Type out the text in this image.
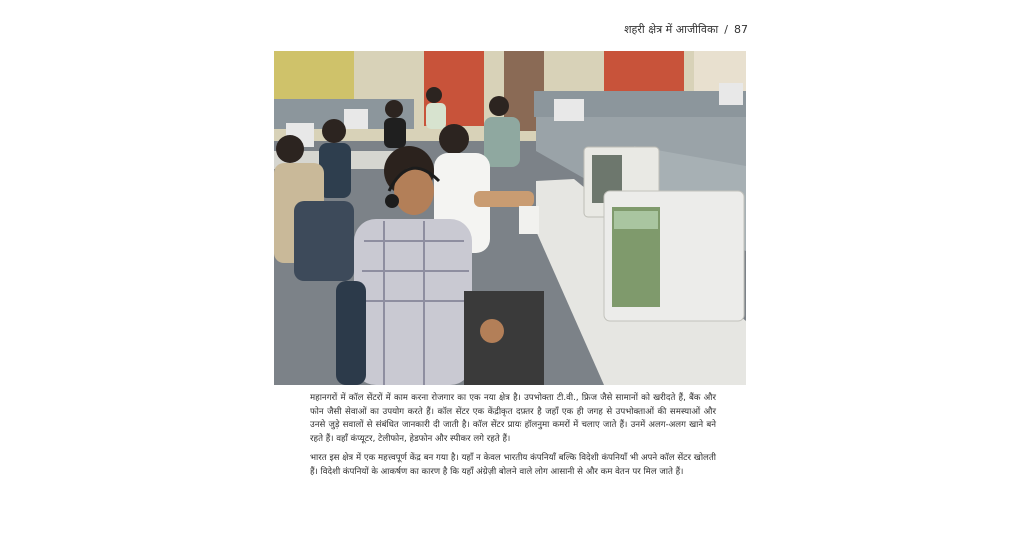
शहरी क्षेत्र में आजीविका / 87

महानगरों में कॉल सेंटरों में काम करना रोजगार का एक नया क्षेत्र है। उपभोक्ता टी.वी., फ्रिज जैसे सामानों को खरीदते हैं, बैंक और फोन जैसी सेवाओं का उपयोग करते हैं। कॉल सेंटर एक केंद्रीकृत दफ़्तर है जहाँ एक ही जगह से उपभोक्ताओं की समस्याओं और उनसे जुड़े सवालों से संबंधित जानकारी दी जाती है। कॉल सेंटर प्रायः हॉलनुमा कमरों में चलाए जाते हैं। उनमें अलग-अलग खाने बने रहते हैं। वहाँ कंप्यूटर, टेलीफोन, हेडफोन और स्पीकर लगे रहते हैं।

भारत इस क्षेत्र में एक महत्त्वपूर्ण केंद्र बन गया है। यहाँ न केवल भारतीय कंपनियाँ बल्कि विदेशी कंपनियाँ भी अपने कॉल सेंटर खोलती हैं। विदेशी कंपनियों के आकर्षण का कारण है कि यहाँ अंग्रेज़ी बोलने वाले लोग आसानी से और कम वेतन पर मिल जाते हैं।
